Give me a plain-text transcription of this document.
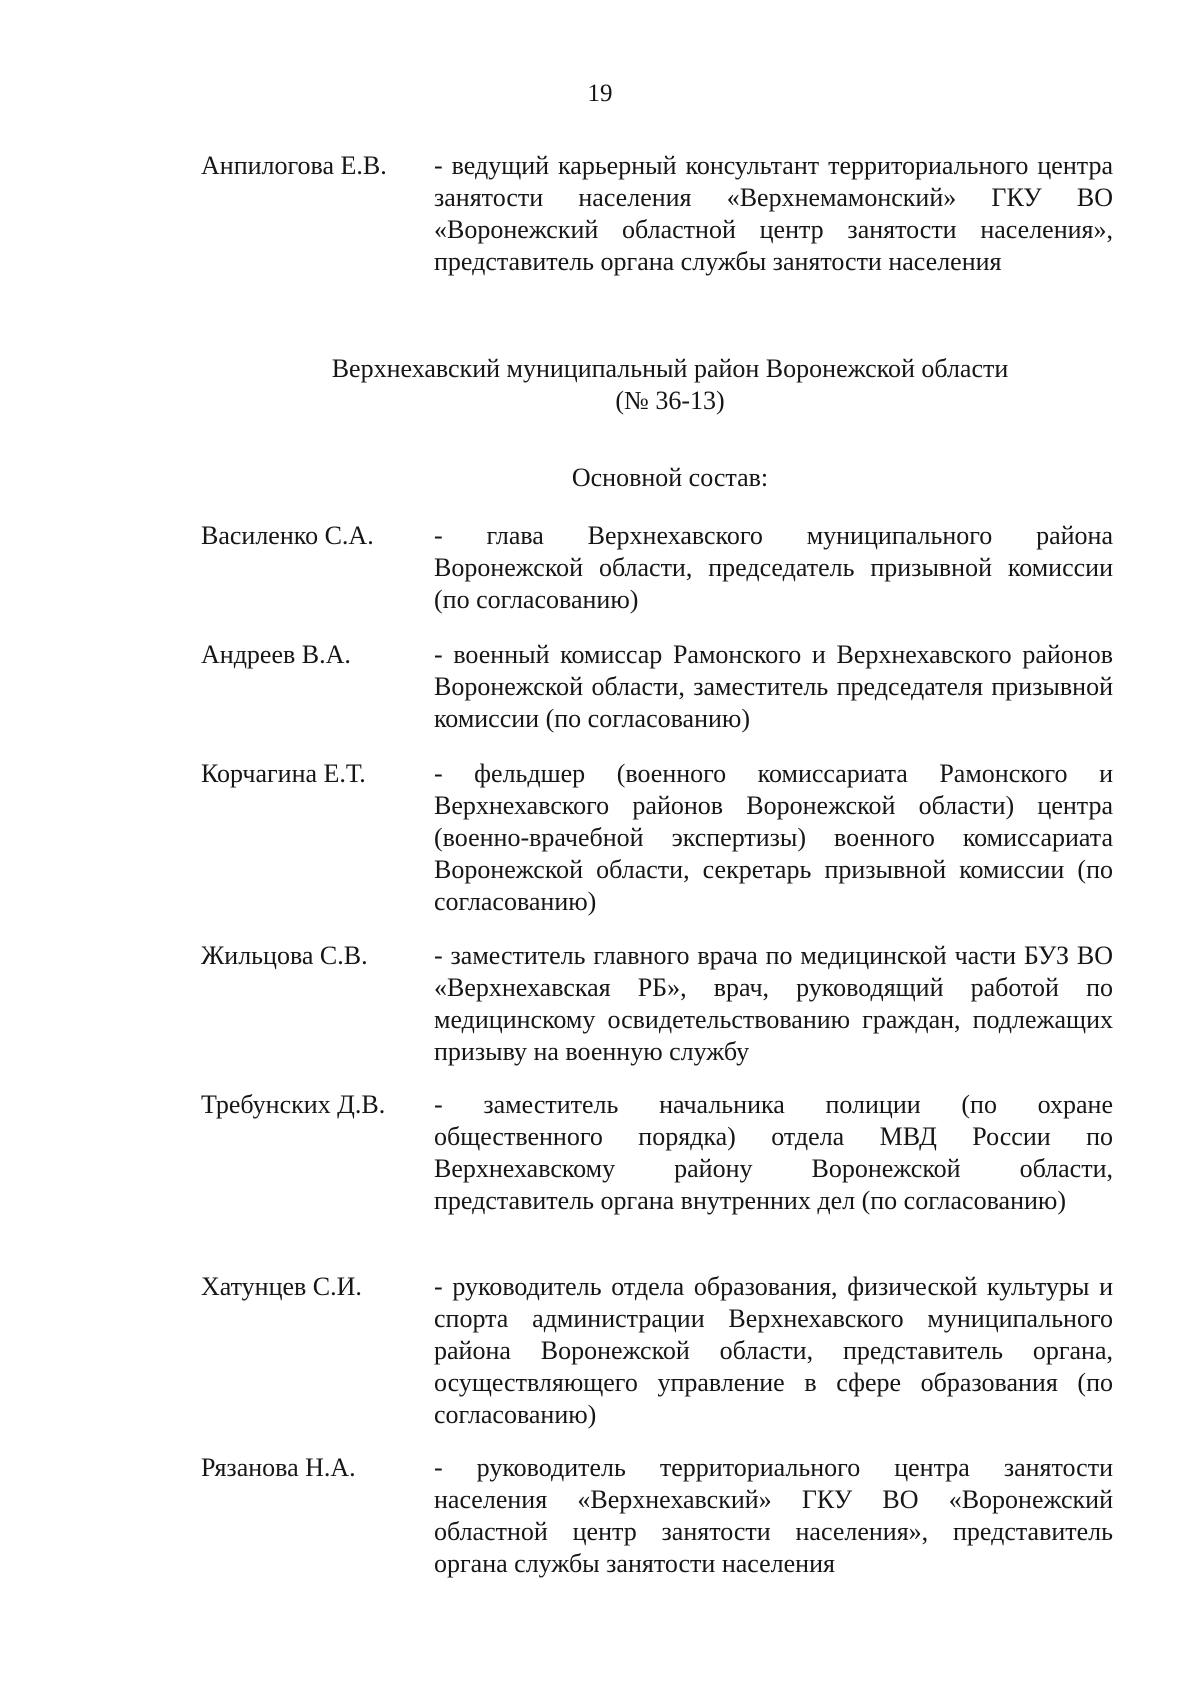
19
Анпилогова Е.В. - ведущий карьерный консультант территориального центра занятости населения «Верхнемамонский» ГКУ ВО «Воронежский областной центр занятости населения», представитель органа службы занятости населения
Верхнехавский муниципальный район Воронежской области
(№ 36-13)
Основной состав:
Василенко С.А. - глава Верхнехавского муниципального района Воронежской области, председатель призывной комиссии (по согласованию)
Андреев В.А.	- военный комиссар Рамонского и Верхнехавского районов Воронежской области, заместитель председателя призывной комиссии (по согласованию)
Корчагина Е.Т.	- фельдшер (военного комиссариата Рамонского и Верхнехавского районов Воронежской области) центра (военно-врачебной экспертизы) военного комиссариата Воронежской области, секретарь призывной комиссии (по согласованию)
Жильцова С.В.	- заместитель главного врача по медицинской части БУЗ ВО «Верхнехавская РБ», врач, руководящий работой по медицинскому освидетельствованию граждан, подлежащих призыву на военную службу
Требунских Д.В. - заместитель начальника полиции (по охране общественного порядка) отдела МВД России по Верхнехавскому району Воронежской области, представитель органа внутренних дел (по согласованию)
Хатунцев С.И.	- руководитель отдела образования, физической культуры и спорта администрации Верхнехавского муниципального района Воронежской области, представитель органа, осуществляющего управление в сфере образования (по согласованию)
Рязанова Н.А.	- руководитель территориального центра занятости населения «Верхнехавский» ГКУ ВО «Воронежский областной центр занятости населения», представитель органа службы занятости населения
